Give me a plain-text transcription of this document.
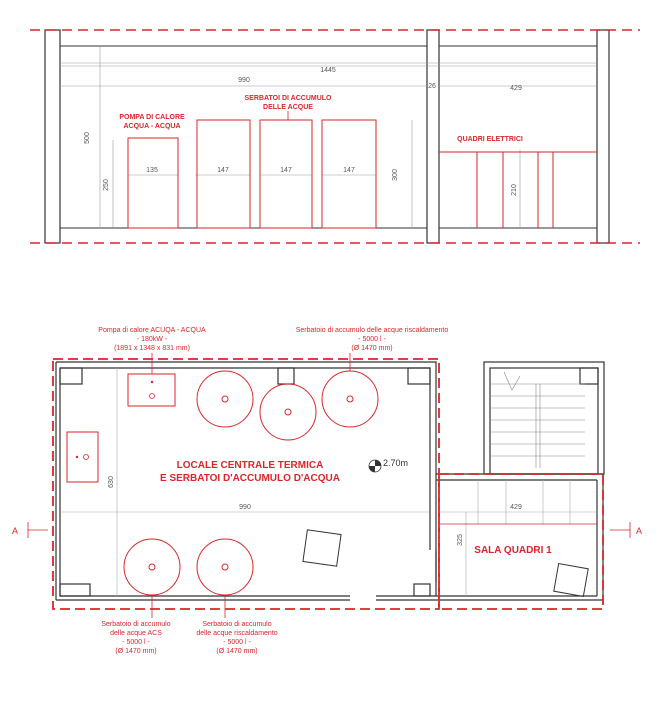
1445
990
26	429
500
250
135	147	147	147	300
210
POMPA DI CALORE
ACQUA - ACQUA
SERBATOI DI ACCUMULO
DELLE ACQUE
QUADRI ELETTRICI
A	A
990
630
429
325
2.70m
LOCALE CENTRALE TERMICA
E SERBATOI D'ACCUMULO D'ACQUA
SALA QUADRI 1
Pompa di calore ACUQA - ACQUA
- 180kW -
(1891 x 1348 x 831 mm)
Serbatoio di accumulo delle acque riscaldamento
- 5000 l -
(Ø 1470 mm)
Serbatoio di accumulo
delle acque ACS
- 5000 l -
(Ø 1470 mm)
Serbatoio di accumulo
delle acque riscaldamento
- 5000 l -
(Ø 1470 mm)
